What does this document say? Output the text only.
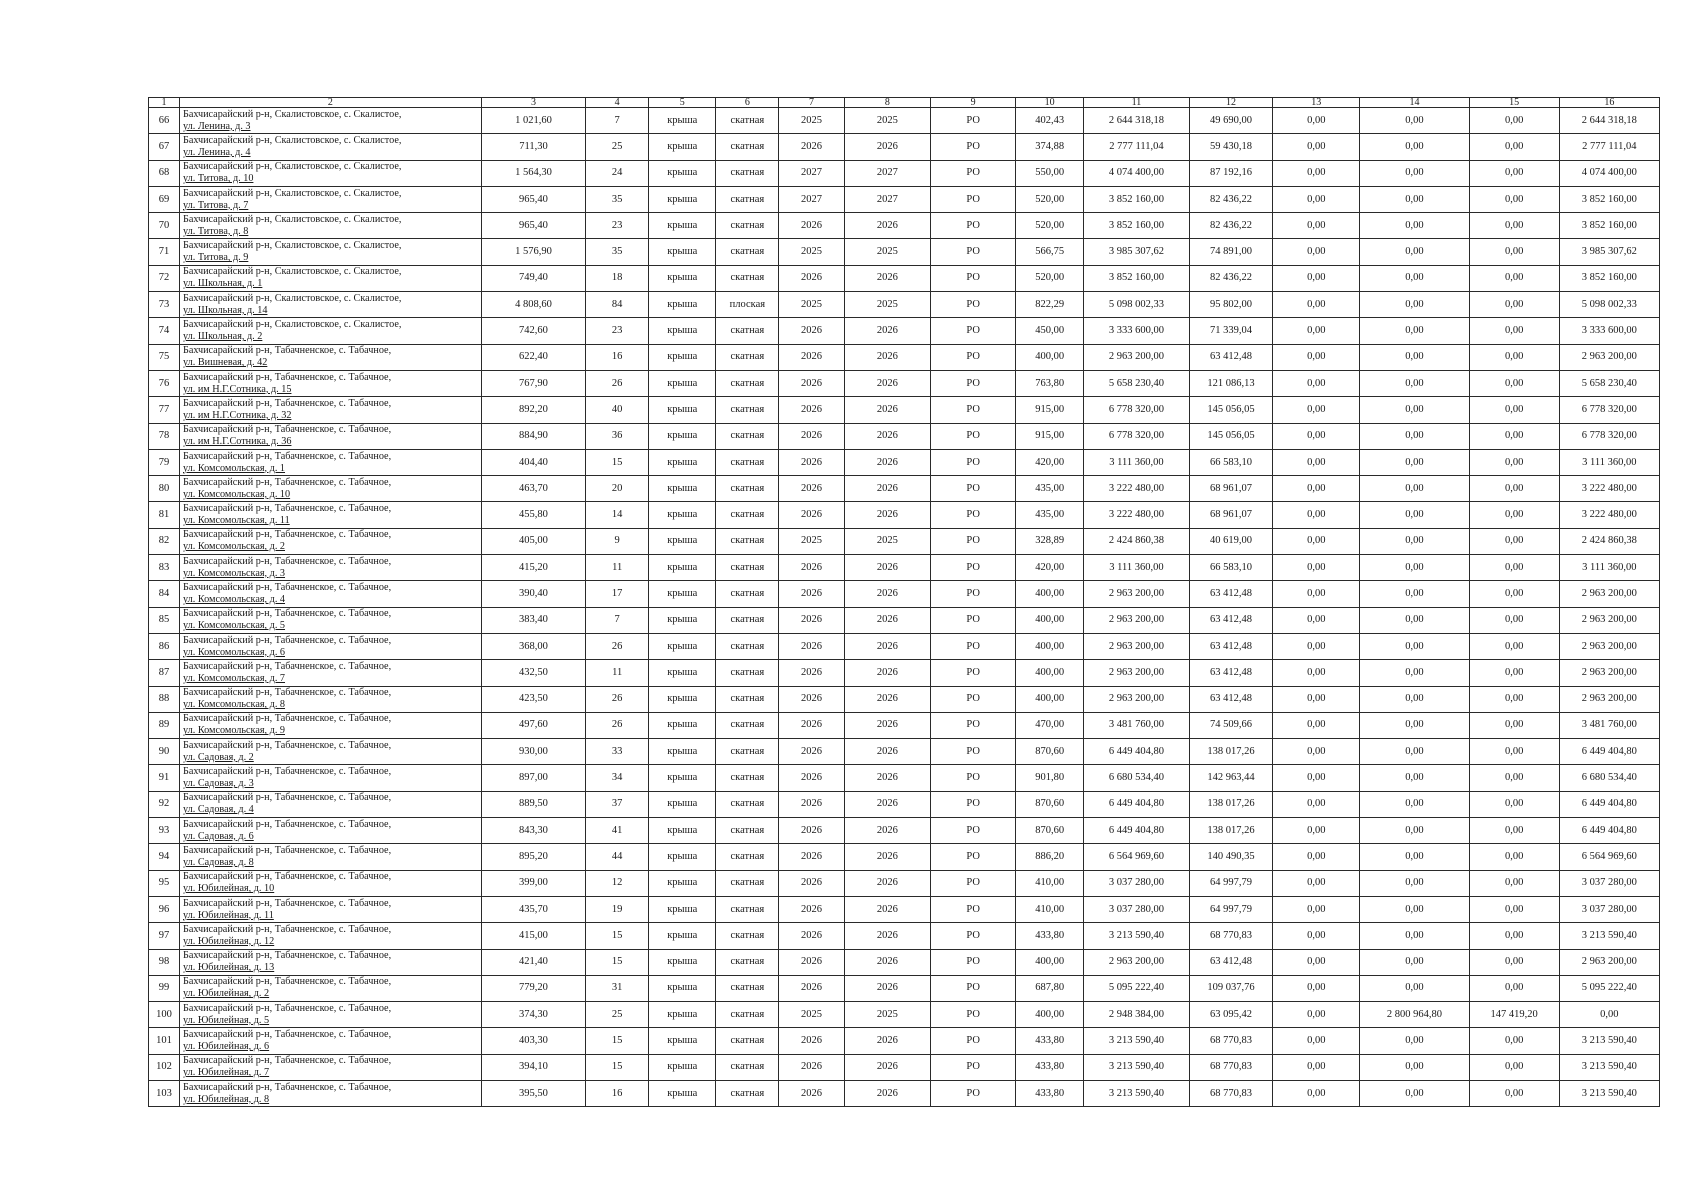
1	2	3	4	5	6	7	8	9	10	11	12	13	14	15	16
66	Бахчисарайский р-н, Скалистовское, с. Скалистое,
ул. Ленина, д. 3	1 021,60	7	крыша	скатная	2025	2025	РО	402,43	2 644 318,18	49 690,00	0,00	0,00	0,00	2 644 318,18
67	Бахчисарайский р-н, Скалистовское, с. Скалистое,
ул. Ленина, д. 4	711,30	25	крыша	скатная	2026	2026	РО	374,88	2 777 111,04	59 430,18	0,00	0,00	0,00	2 777 111,04
68	Бахчисарайский р-н, Скалистовское, с. Скалистое,
ул. Титова, д. 10	1 564,30	24	крыша	скатная	2027	2027	РО	550,00	4 074 400,00	87 192,16	0,00	0,00	0,00	4 074 400,00
69	Бахчисарайский р-н, Скалистовское, с. Скалистое,
ул. Титова, д. 7	965,40	35	крыша	скатная	2027	2027	РО	520,00	3 852 160,00	82 436,22	0,00	0,00	0,00	3 852 160,00
70	Бахчисарайский р-н, Скалистовское, с. Скалистое,
ул. Титова, д. 8	965,40	23	крыша	скатная	2026	2026	РО	520,00	3 852 160,00	82 436,22	0,00	0,00	0,00	3 852 160,00
71	Бахчисарайский р-н, Скалистовское, с. Скалистое,
ул. Титова, д. 9	1 576,90	35	крыша	скатная	2025	2025	РО	566,75	3 985 307,62	74 891,00	0,00	0,00	0,00	3 985 307,62
72	Бахчисарайский р-н, Скалистовское, с. Скалистое,
ул. Школьная, д. 1	749,40	18	крыша	скатная	2026	2026	РО	520,00	3 852 160,00	82 436,22	0,00	0,00	0,00	3 852 160,00
73	Бахчисарайский р-н, Скалистовское, с. Скалистое,
ул. Школьная, д. 14	4 808,60	84	крыша	плоская	2025	2025	РО	822,29	5 098 002,33	95 802,00	0,00	0,00	0,00	5 098 002,33
74	Бахчисарайский р-н, Скалистовское, с. Скалистое,
ул. Школьная, д. 2	742,60	23	крыша	скатная	2026	2026	РО	450,00	3 333 600,00	71 339,04	0,00	0,00	0,00	3 333 600,00
75	Бахчисарайский р-н, Табачненское, с. Табачное,
ул. Вишневая, д. 42	622,40	16	крыша	скатная	2026	2026	РО	400,00	2 963 200,00	63 412,48	0,00	0,00	0,00	2 963 200,00
76	Бахчисарайский р-н, Табачненское, с. Табачное,
ул. им Н.Г.Сотника, д. 15	767,90	26	крыша	скатная	2026	2026	РО	763,80	5 658 230,40	121 086,13	0,00	0,00	0,00	5 658 230,40
77	Бахчисарайский р-н, Табачненское, с. Табачное,
ул. им Н.Г.Сотника, д. 32	892,20	40	крыша	скатная	2026	2026	РО	915,00	6 778 320,00	145 056,05	0,00	0,00	0,00	6 778 320,00
78	Бахчисарайский р-н, Табачненское, с. Табачное,
ул. им Н.Г.Сотника, д. 36	884,90	36	крыша	скатная	2026	2026	РО	915,00	6 778 320,00	145 056,05	0,00	0,00	0,00	6 778 320,00
79	Бахчисарайский р-н, Табачненское, с. Табачное,
ул. Комсомольская, д. 1	404,40	15	крыша	скатная	2026	2026	РО	420,00	3 111 360,00	66 583,10	0,00	0,00	0,00	3 111 360,00
80	Бахчисарайский р-н, Табачненское, с. Табачное,
ул. Комсомольская, д. 10	463,70	20	крыша	скатная	2026	2026	РО	435,00	3 222 480,00	68 961,07	0,00	0,00	0,00	3 222 480,00
81	Бахчисарайский р-н, Табачненское, с. Табачное,
ул. Комсомольская, д. 11	455,80	14	крыша	скатная	2026	2026	РО	435,00	3 222 480,00	68 961,07	0,00	0,00	0,00	3 222 480,00
82	Бахчисарайский р-н, Табачненское, с. Табачное,
ул. Комсомольская, д. 2	405,00	9	крыша	скатная	2025	2025	РО	328,89	2 424 860,38	40 619,00	0,00	0,00	0,00	2 424 860,38
83	Бахчисарайский р-н, Табачненское, с. Табачное,
ул. Комсомольская, д. 3	415,20	11	крыша	скатная	2026	2026	РО	420,00	3 111 360,00	66 583,10	0,00	0,00	0,00	3 111 360,00
84	Бахчисарайский р-н, Табачненское, с. Табачное,
ул. Комсомольская, д. 4	390,40	17	крыша	скатная	2026	2026	РО	400,00	2 963 200,00	63 412,48	0,00	0,00	0,00	2 963 200,00
85	Бахчисарайский р-н, Табачненское, с. Табачное,
ул. Комсомольская, д. 5	383,40	7	крыша	скатная	2026	2026	РО	400,00	2 963 200,00	63 412,48	0,00	0,00	0,00	2 963 200,00
86	Бахчисарайский р-н, Табачненское, с. Табачное,
ул. Комсомольская, д. 6	368,00	26	крыша	скатная	2026	2026	РО	400,00	2 963 200,00	63 412,48	0,00	0,00	0,00	2 963 200,00
87	Бахчисарайский р-н, Табачненское, с. Табачное,
ул. Комсомольская, д. 7	432,50	11	крыша	скатная	2026	2026	РО	400,00	2 963 200,00	63 412,48	0,00	0,00	0,00	2 963 200,00
88	Бахчисарайский р-н, Табачненское, с. Табачное,
ул. Комсомольская, д. 8	423,50	26	крыша	скатная	2026	2026	РО	400,00	2 963 200,00	63 412,48	0,00	0,00	0,00	2 963 200,00
89	Бахчисарайский р-н, Табачненское, с. Табачное,
ул. Комсомольская, д. 9	497,60	26	крыша	скатная	2026	2026	РО	470,00	3 481 760,00	74 509,66	0,00	0,00	0,00	3 481 760,00
90	Бахчисарайский р-н, Табачненское, с. Табачное,
ул. Садовая, д. 2	930,00	33	крыша	скатная	2026	2026	РО	870,60	6 449 404,80	138 017,26	0,00	0,00	0,00	6 449 404,80
91	Бахчисарайский р-н, Табачненское, с. Табачное,
ул. Садовая, д. 3	897,00	34	крыша	скатная	2026	2026	РО	901,80	6 680 534,40	142 963,44	0,00	0,00	0,00	6 680 534,40
92	Бахчисарайский р-н, Табачненское, с. Табачное,
ул. Садовая, д. 4	889,50	37	крыша	скатная	2026	2026	РО	870,60	6 449 404,80	138 017,26	0,00	0,00	0,00	6 449 404,80
93	Бахчисарайский р-н, Табачненское, с. Табачное,
ул. Садовая, д. 6	843,30	41	крыша	скатная	2026	2026	РО	870,60	6 449 404,80	138 017,26	0,00	0,00	0,00	6 449 404,80
94	Бахчисарайский р-н, Табачненское, с. Табачное,
ул. Садовая, д. 8	895,20	44	крыша	скатная	2026	2026	РО	886,20	6 564 969,60	140 490,35	0,00	0,00	0,00	6 564 969,60
95	Бахчисарайский р-н, Табачненское, с. Табачное,
ул. Юбилейная, д. 10	399,00	12	крыша	скатная	2026	2026	РО	410,00	3 037 280,00	64 997,79	0,00	0,00	0,00	3 037 280,00
96	Бахчисарайский р-н, Табачненское, с. Табачное,
ул. Юбилейная, д. 11	435,70	19	крыша	скатная	2026	2026	РО	410,00	3 037 280,00	64 997,79	0,00	0,00	0,00	3 037 280,00
97	Бахчисарайский р-н, Табачненское, с. Табачное,
ул. Юбилейная, д. 12	415,00	15	крыша	скатная	2026	2026	РО	433,80	3 213 590,40	68 770,83	0,00	0,00	0,00	3 213 590,40
98	Бахчисарайский р-н, Табачненское, с. Табачное,
ул. Юбилейная, д. 13	421,40	15	крыша	скатная	2026	2026	РО	400,00	2 963 200,00	63 412,48	0,00	0,00	0,00	2 963 200,00
99	Бахчисарайский р-н, Табачненское, с. Табачное,
ул. Юбилейная, д. 2	779,20	31	крыша	скатная	2026	2026	РО	687,80	5 095 222,40	109 037,76	0,00	0,00	0,00	5 095 222,40
100	Бахчисарайский р-н, Табачненское, с. Табачное,
ул. Юбилейная, д. 5	374,30	25	крыша	скатная	2025	2025	РО	400,00	2 948 384,00	63 095,42	0,00	2 800 964,80	147 419,20	0,00
101	Бахчисарайский р-н, Табачненское, с. Табачное,
ул. Юбилейная, д. 6	403,30	15	крыша	скатная	2026	2026	РО	433,80	3 213 590,40	68 770,83	0,00	0,00	0,00	3 213 590,40
102	Бахчисарайский р-н, Табачненское, с. Табачное,
ул. Юбилейная, д. 7	394,10	15	крыша	скатная	2026	2026	РО	433,80	3 213 590,40	68 770,83	0,00	0,00	0,00	3 213 590,40
103	Бахчисарайский р-н, Табачненское, с. Табачное,
ул. Юбилейная, д. 8	395,50	16	крыша	скатная	2026	2026	РО	433,80	3 213 590,40	68 770,83	0,00	0,00	0,00	3 213 590,40
